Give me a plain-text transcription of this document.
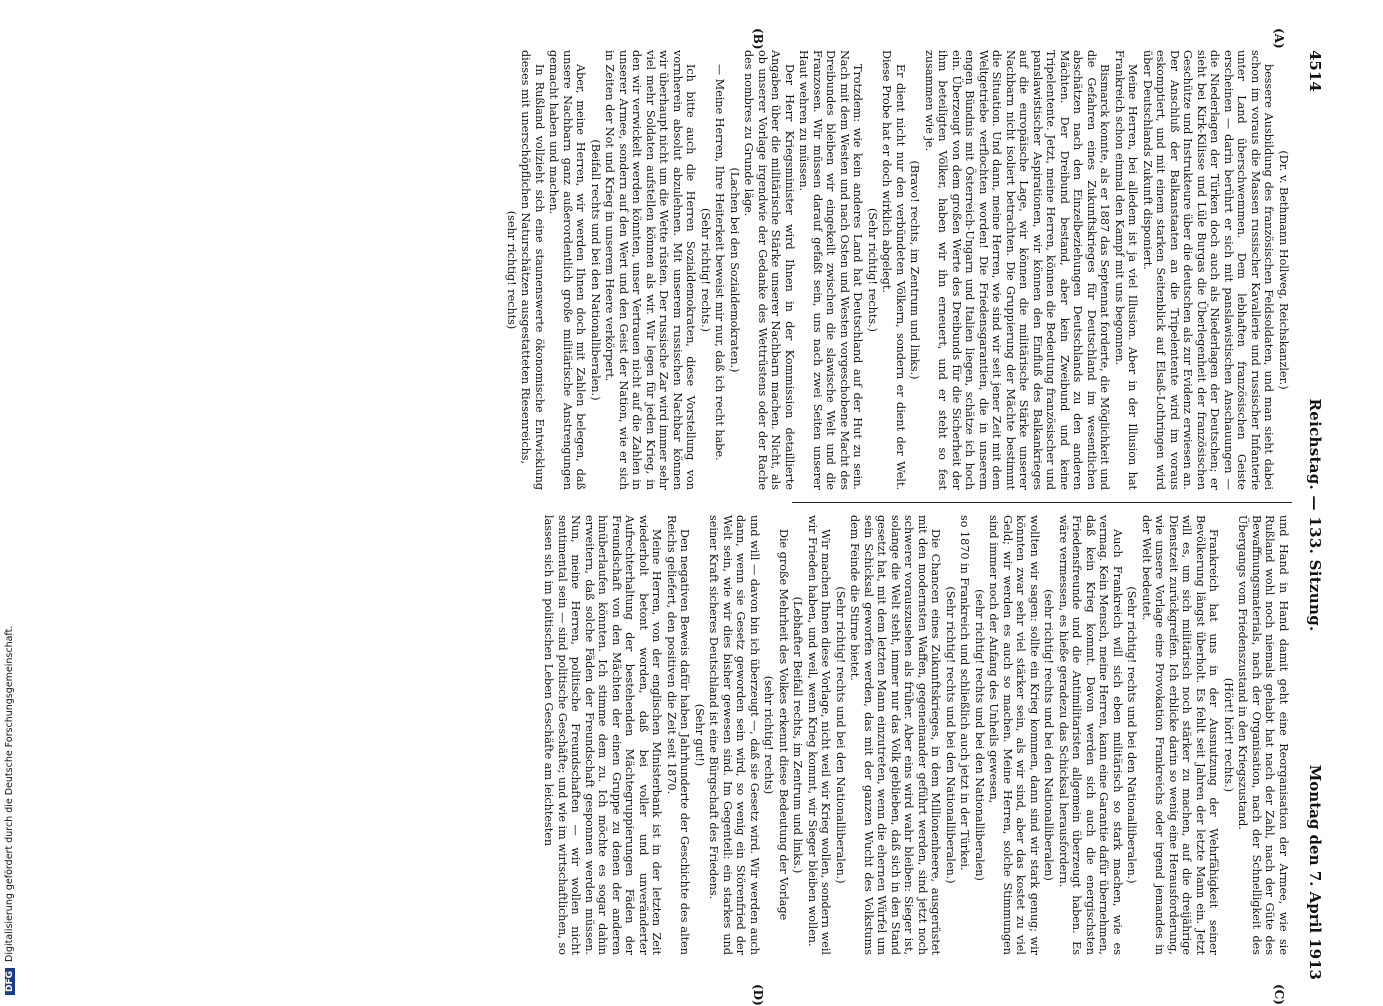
4514
Reichstag. — 133. Sitzung.
Montag den 7. April 1913
(A)
(B)
(C)
(D)

(Dr. v. Bethmann Hollweg, Reichskanzler.)

bessere Ausbildung des französischen Feldsoldaten, und man sieht dabei schon im voraus die Massen russischer Kavallerie und russischer Infanterie unter Land überschwemmen. Dem lebhaften französischen Geiste erscheinen — darin berührt er sich mit panslawistischen Anschauungen — die Niederlagen der Türken doch auch als Niederlagen der Deutschen; er sieht bei Kirk-Kilisse und Lüle Burgas die Überlegenheit der französischen Geschütze und Instrukteure über die deutschen als zur Evidenz erwiesen an. Der Anschluß der Balkanstaaten an die Tripelentente wird im voraus eskomptiert, und mit einem starken Seitenblick auf Elsaß-Lothringen wird über Deutschlands Zukunft disponiert.

Meine Herren, bei alledem ist ja viel Illusion. Aber in der Illusion hat Frankreich schon einmal den Kampf mit uns begonnen.

Bismarck konnte, als er 1887 das Septennat forderte, die Möglichkeit und die Gefahren eines Zukunftskrieges für Deutschland im wesentlichen abschätzen nach den Einzelbeziehungen Deutschlands zu den anderen Mächten. Der Dreibund bestand, aber kein Zweibund und keine Tripelentente. Jetzt, meine Herren, können die Bedeutung französischer und panslawistischer Aspirationen, wir können den Einfluß des Balkankrieges auf die europäische Lage, wir können die militärische Stärke unserer Nachbarn nicht isoliert betrachten. Die Gruppierung der Mächte bestimmt die Situation. Und dann, meine Herren, wie sind wir seit jener Zeit mit dem Weltgetriebe verflochten worden! Die Friedensgarantien, die in unserem engen Bündnis mit Österreich-Ungarn und Italien liegen, schätze ich hoch ein. Überzeugt von dem großen Werte des Dreibunds für die Sicherheit der ihm beteiligten Völker, haben wir ihn erneuert, und er steht so fest zusammen wie je.

(Bravo! rechts, im Zentrum und links.)

Er dient nicht nur den verbündeten Völkern, sondern er dient der Welt. Diese Probe hat er doch wirklich abgelegt.

(Sehr richtig! rechts.)

Trotzdem: wie kein anderes Land hat Deutschland auf der Hut zu sein. Nach mit dem Westen und nach Osten und Westen vorgeschobene Macht des Dreibundes bleiben wir eingekeilt zwischen die slawische Welt und die Franzosen. Wir müssen darauf gefaßt sein, uns nach zwei Seiten unserer Haut wehren zu müssen.

Der Herr Kriegsminister wird Ihnen in der Kommission detaillierte Angaben über die militärische Stärke unserer Nachbarn machen. Nicht, als ob unserer Vorlage irgendwie der Gedanke des Wettrüstens oder der Rache des nombres zu Grunde läge.

(Lachen bei den Sozialdemokraten.)

— Meine Herren, Ihre Heiterkeit beweist mir nur, daß ich recht habe.

(Sehr richtig! rechts.)

Ich bitte auch die Herren Sozialdemokraten, diese Vorstellung von vornherein absolut abzulehnen. Mit unserem russischen Nachbar können wir überhaupt nicht um die Wette rüsten. Der russische Zar wird immer sehr viel mehr Soldaten aufstellen können als wir. Wir legen für jeden Krieg, in den wir verwickelt werden könnten, unser Vertrauen nicht auf die Zahlen in unserer Armee, sondern auf den Wert und den Geist der Nation, wie er sich in Zeiten der Not und Krieg in unserem Heere verkörpert.

(Beifall rechts und bei den Nationalliberalen.)

Aber, meine Herren, wir werden Ihnen doch mit Zahlen belegen, daß unsere Nachbarn ganz außerordentlich große militärische Anstrengungen gemacht haben und machen.

In Rußland vollzieht sich eine staunenswerte ökonomische Entwicklung dieses mit unerschöpflichen Naturschätzen ausgestatteten Riesenreichs,

(sehr richtig! rechts)

und Hand in Hand damit geht eine Reorganisation der Armee, wie sie Rußland wohl noch niemals gehabt hat nach der Zahl, nach der Güte des Bewaffnungsmaterials, nach der Organisation, nach der Schnelligkeit des Übergangs vom Friedenszustand in den Kriegszustand.

(Hört! hört! rechts.)

Frankreich hat uns in der Ausnutzung der Wehrfähigkeit seiner Bevölkerung längst überholt. Es fehlt seit Jahren der letzte Mann ein. Jetzt will es, um sich militärisch noch stärker zu machen, auf die dreijährige Dienstzeit zurückgreifen. Ich erblicke darin so wenig eine Herausforderung, wie unsere Vorlage eine Provokation Frankreichs oder irgend jemandes in der Welt bedeutet.

(Sehr richtig! rechts und bei den Nationalliberalen.)

Auch Frankreich will sich eben militärisch so stark machen, wie es vermag. Kein Mensch, meine Herren, kann eine Garantie dafür übernehmen, daß kein Krieg kommt. Davon werden sich auch die energischsten Friedensfreunde und die Antimilitaristen allgemein überzeugt haben. Es wäre vermessen, es hieße geradezu das Schicksal herausfordern.

(sehr richtig! rechts und bei den Nationalliberalen)

wollten wir sagen: sollte ein Krieg kommen, dann sind wir stark genug; wir könnten zwar sehr viel stärker sein, als wir sind, aber das kostet zu viel Geld; wir werden es auch so machen. Meine Herren, solche Stimmungen sind immer noch der Anfang des Unheils gewesen,

(sehr richtig! rechts und bei den Nationalliberalen)

so 1870 in Frankreich und schließlich auch jetzt in der Türkei.

(Sehr richtig! rechts und bei den Nationalliberalen.)

Die Chancen eines Zukunftskrieges, in dem Millionenheere, ausgerüstet mit den modernsten Waffen, gegeneinander geführt werden, sind jetzt noch schwerer vorauszusehen als früher. Aber eins wird wahr bleiben: Sieger ist, solange die Welt steht, immer nur das Volk geblieben, daß sich in den Stand gesetzt hat, mit dem letzten Mann einzutreten, wenn die ehernen Würfel um sein Schicksal geworfen werden, das mit der ganzen Wucht des Volkstums dem Feinde die Stirne bietet.

(Sehr richtig! rechts und bei den Nationalliberalen.)

Wir machen Ihnen diese Vorlage, nicht weil wir Krieg wollen, sondern weil wir Frieden haben, und weil, wenn Krieg kommt, wir Sieger bleiben wollen.

(Lebhafter Beifall rechts, im Zentrum und links.)

Die große Mehrheit des Volkes erkennt diese Bedeutung der Vorlage

(sehr richtig! rechts)

und will — davon bin ich überzeugt —, daß sie Gesetz wird. Wir werden auch dann, wenn sie Gesetz geworden sein wird, so wenig ein Störenfried der Welt sein, wie wir dies bisher gewesen sind. Im Gegenteil: ein starkes und seiner Kraft sicheres Deutschland ist eine Bürgschaft des Friedens.

(Sehr gut!)

Den negativen Beweis dafür haben Jahrhunderte der Geschichte des alten Reichs geliefert, den positiven die Zeit seit 1870.

Meine Herren, von der englischen Ministerbank ist in der letzten Zeit wiederholt betont worden, daß bei voller und unveränderter Aufrechterhaltung der bestehenden Mächtegruppierungen Fäden der Freundschaft von den Mächten der einen Gruppe zu denen der anderen hinüberlaufen könnten. Ich stimme dem zu. Ich möchte es sogar dahin erweitern, daß solche Fäden der Freundschaft gesponnen werden müssen. Nun, meine Herren, politische Freundschaften — wir wollen nicht sentimental sein — sind politische Geschäfte; und wie im wirtschaftlichen, so lassen sich im politischen Leben Geschäfte am leichtesten

DFGDigitalisierung gefördert durch die Deutsche Forschungsgemeinschaft.
